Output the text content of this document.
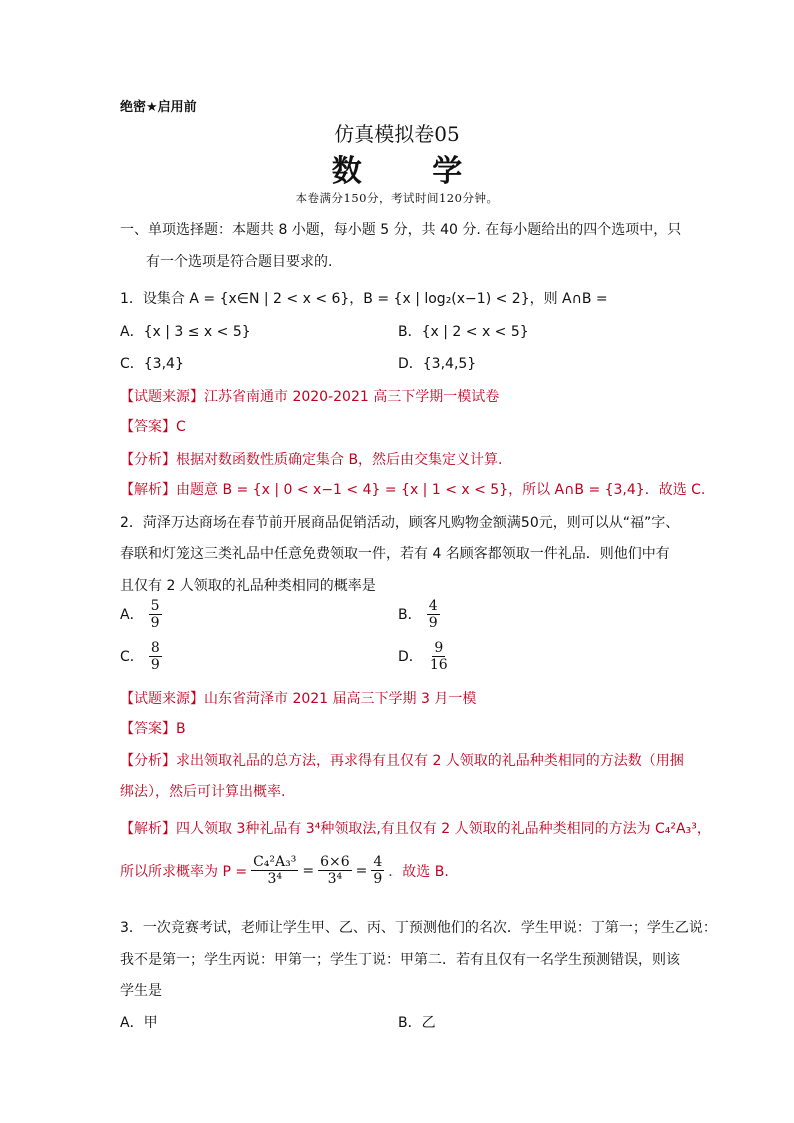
绝密★启用前
仿真模拟卷05
数 学
本卷满分150分，考试时间120分钟。
一、单项选择题：本题共 8 小题，每小题 5 分，共 40 分. 在每小题给出的四个选项中，只
有一个选项是符合题目要求的.
1．设集合 A = {x∈N | 2 < x < 6}，B = {x | log₂(x−1) < 2}，则 A∩B =
A．{x | 3 ≤ x < 5}	B．{x | 2 < x < 5}
C．{3,4}	D．{3,4,5}
【试题来源】江苏省南通市 2020-2021 高三下学期一模试卷
【答案】C
【分析】根据对数函数性质确定集合 B，然后由交集定义计算.
【解析】由题意 B = {x | 0 < x−1 < 4} = {x | 1 < x < 5}，所以 A∩B = {3,4}．故选 C.
2．菏泽万达商场在春节前开展商品促销活动，顾客凡购物金额满50元，则可以从“福”字、
春联和灯笼这三类礼品中任意免费领取一件，若有 4 名顾客都领取一件礼品．则他们中有
且仅有 2 人领取的礼品种类相同的概率是
A． $\frac{5}{9}$	B． $\frac{4}{9}$
C． $\frac{8}{9}$	D． $\frac{9}{16}$
【试题来源】山东省菏泽市 2021 届高三下学期 3 月一模
【答案】B
【分析】求出领取礼品的总方法，再求得有且仅有 2 人领取的礼品种类相同的方法数（用捆
绑法），然后可计算出概率.
【解析】四人领取 3种礼品有 3⁴种领取法,有且仅有 2 人领取的礼品种类相同的方法为 C₄²A₃³，
所以所求概率为 $P = \frac{\text{C₄²A₃³}}{\text{3⁴}} = \frac{6\times 6}{\text{3⁴}} = \frac{4}{9}$ ．故选 B.
3．一次竞赛考试，老师让学生甲、乙、丙、丁预测他们的名次．学生甲说：丁第一；学生乙说：
我不是第一；学生丙说：甲第一；学生丁说：甲第二．若有且仅有一名学生预测错误，则该
学生是
A．甲	B．乙
